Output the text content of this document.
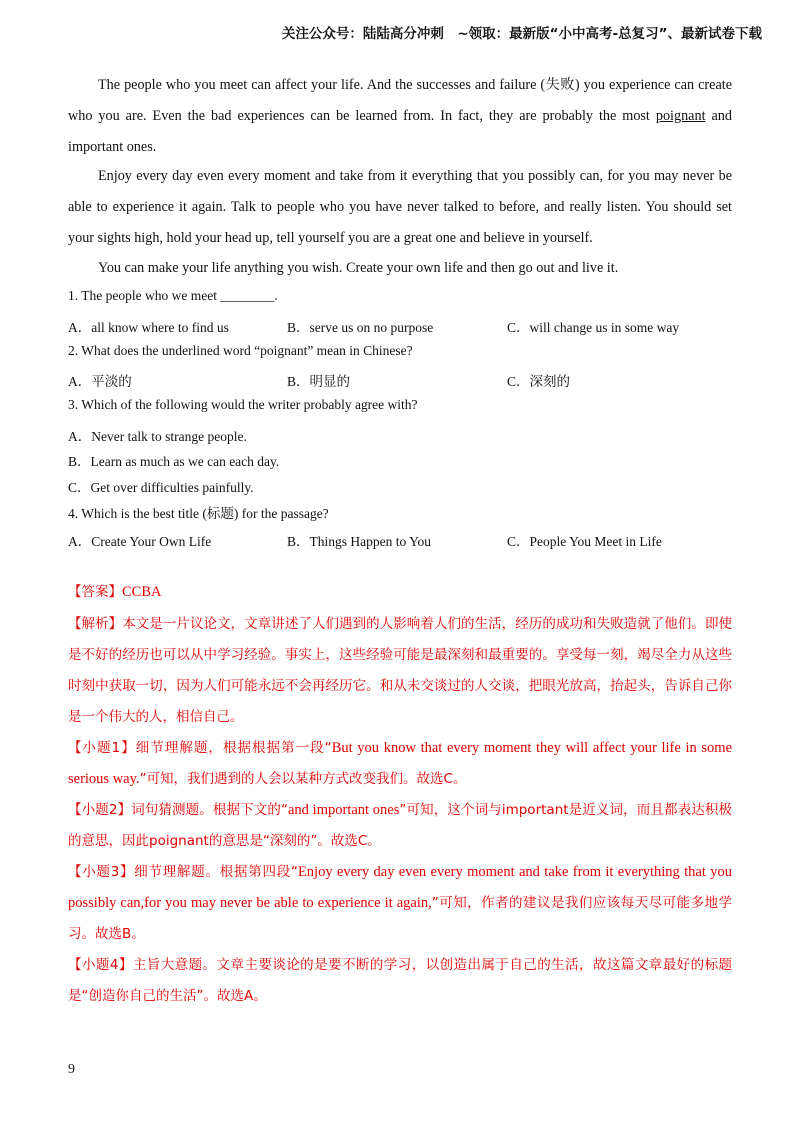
关注公众号：陆陆高分冲刺　~领取：最新版“小中高考-总复习”、最新试卷下载
The people who you meet can affect your life. And the successes and failure (失败) you experience can create who you are. Even the bad experiences can be learned from. In fact, they are probably the most poignant and important ones.
Enjoy every day even every moment and take from it everything that you possibly can, for you may never be able to experience it again. Talk to people who you have never talked to before, and really listen. You should set your sights high, hold your head up, tell yourself you are a great one and believe in yourself.
You can make your life anything you wish. Create your own life and then go out and live it.
1. The people who we meet ________.
A．all know where to find us	B．serve us on no purpose	C．will change us in some way
2. What does the underlined word “poignant” mean in Chinese?
A．平淡的	B．明显的	C．深刻的
3. Which of the following would the writer probably agree with?
A．Never talk to strange people.
B．Learn as much as we can each day.
C．Get over difficulties painfully.
4. Which is the best title (标题) for the passage?
A．Create Your Own Life	B．Things Happen to You	C．People You Meet in Life
【答案】CCBA
【解析】本文是一片议论文，文章讲述了人们遇到的人影响着人们的生活，经历的成功和失败造就了他们。即使是不好的经历也可以从中学习经验。事实上，这些经验可能是最深刻和最重要的。享受每一刻，竭尽全力从这些时刻中获取一切，因为人们可能永远不会再经历它。和从未交谈过的人交谈，把眼光放高，抬起头，告诉自己你是一个伟大的人，相信自己。
【小题1】细节理解题，根据根据第一段“But you know that every moment they will affect your life in some serious way.”可知，我们遇到的人会以某种方式改变我们。故选C。
【小题2】词句猜测题。根据下文的“and important ones”可知，这个词与important是近义词，而且都表达积极的意思，因此poignant的意思是“深刻的”。故选C。
【小题3】细节理解题。根据第四段“Enjoy every day even every moment and take from it everything that you possibly can,for you may never be able to experience it again,”可知，作者的建议是我们应该每天尽可能多地学习。故选B。
【小题4】主旨大意题。文章主要谈论的是要不断的学习，以创造出属于自己的生活，故这篇文章最好的标题是“创造你自己的生活”。故选A。
9
